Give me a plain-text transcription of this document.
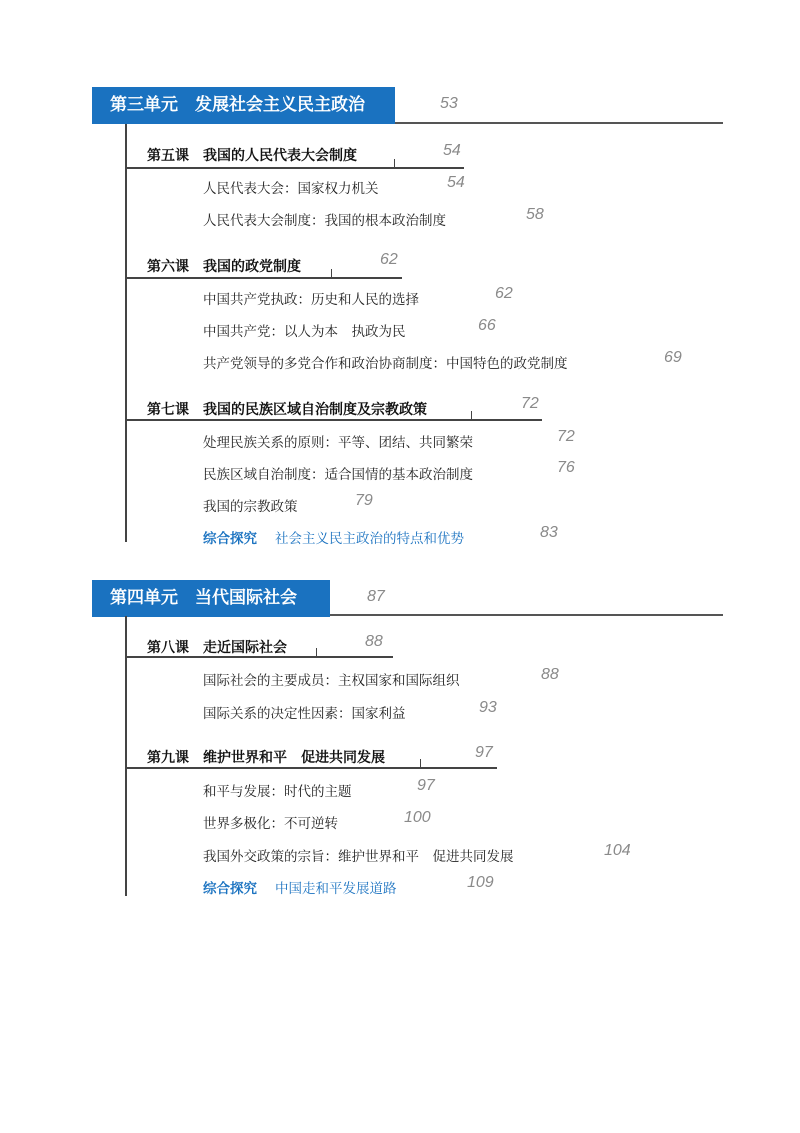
第三单元　发展社会主义民主政治	53
第五课　我国的人民代表大会制度	54
人民代表大会：国家权力机关	54
人民代表大会制度：我国的根本政治制度	58
第六课　我国的政党制度	62
中国共产党执政：历史和人民的选择	62
中国共产党：以人为本　执政为民	66
共产党领导的多党合作和政治协商制度：中国特色的政党制度	69
第七课　我国的民族区域自治制度及宗教政策	72
处理民族关系的原则：平等、团结、共同繁荣	72
民族区域自治制度：适合国情的基本政治制度	76
我国的宗教政策	79
综合探究 社会主义民主政治的特点和优势	83
第四单元　当代国际社会	87
第八课　走近国际社会	88
国际社会的主要成员：主权国家和国际组织	88
国际关系的决定性因素：国家利益	93
第九课　维护世界和平　促进共同发展	97
和平与发展：时代的主题	97
世界多极化：不可逆转	100
我国外交政策的宗旨：维护世界和平　促进共同发展	104
综合探究 中国走和平发展道路	109
